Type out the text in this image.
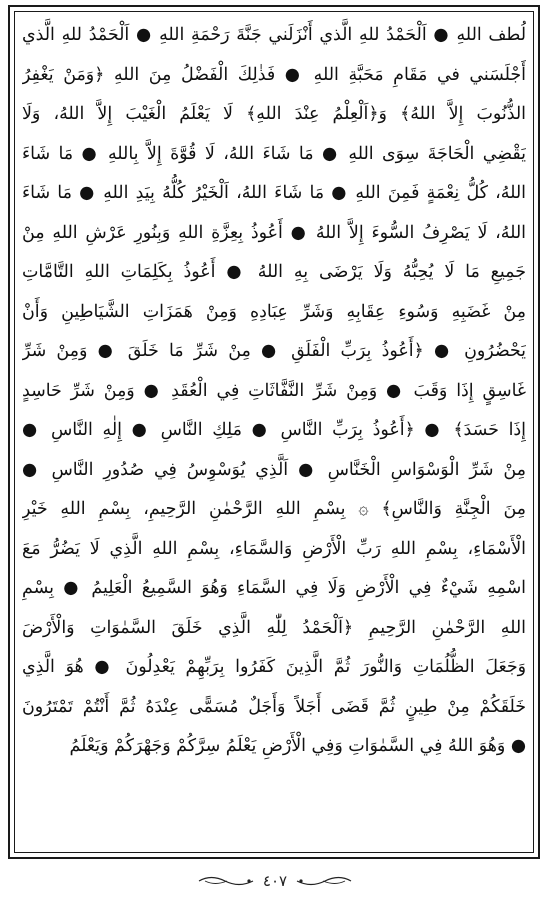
لُطف اللهِ ● اَلْحَمْدُ للهِ الَّذي أَنْزَلَني جَنَّةَ رَحْمَةِ اللهِ ● اَلْحَمْدُ للهِ الَّذي
أَجْلَسَني في مَقَامِ مَحَبَّةِ اللهِ ● فَذٰلِكَ الْفَضْلُ مِنَ اللهِ ﴿وَمَنْ يَغْفِرُ
الذُّنُوبَ إِلاَّ اللهُ﴾ وَ﴿اَلْعِلْمُ عِنْدَ اللهِ﴾ لَا يَعْلَمُ الْغَيْبَ إِلاَّ اللهُ، وَلَا
يَقْضِي الْحَاجَةَ سِوَى اللهِ ● مَا شَاءَ اللهُ، لَا قُوَّةَ إِلاَّ بِاللهِ ● مَا شَاءَ
اللهُ، كُلُّ نِعْمَةٍ فَمِنَ اللهِ ● مَا شَاءَ اللهُ، اَلْخَيْرُ كُلُّهُ بِيَدِ اللهِ ● مَا شَاءَ
اللهُ، لَا يَصْرِفُ السُّوءَ إِلاَّ اللهُ ● أَعُوذُ بِعِزَّةِ اللهِ وَبِنُورِ عَرْشِ اللهِ مِنْ
جَمِيعِ مَا لَا يُحِبُّهُ وَلَا يَرْضَى بِهِ اللهُ ● أَعُوذُ بِكَلِمَاتِ اللهِ التَّامَّاتِ
مِنْ غَضَبِهِ وَسُوءِ عِقَابِهِ وَشَرِّ عِبَادِهِ وَمِنْ هَمَزَاتِ الشَّيَاطِينِ وَأَنْ
يَحْضُرُونِ ● ﴿أَعُوذُ بِرَبِّ الْفَلَقِ ● مِنْ شَرِّ مَا خَلَقَ ● وَمِنْ شَرِّ
غَاسِقٍ إِذَا وَقَبَ ● وَمِنْ شَرِّ النَّفَّاثَاتِ فِي الْعُقَدِ ● وَمِنْ شَرِّ حَاسِدٍ
إِذَا حَسَدَ﴾ ● ﴿أَعُوذُ بِرَبِّ النَّاسِ ● مَلِكِ النَّاسِ ● إِلٰهِ النَّاسِ ●
مِنْ شَرِّ الْوَسْوَاسِ الْخَنَّاسِ ● اَلَّذِي يُوَسْوِسُ فِي صُدُورِ النَّاسِ ●
مِنَ الْجِنَّةِ وَالنَّاسِ﴾ ۞ بِسْمِ اللهِ الرَّحْمٰنِ الرَّحِيمِ، بِسْمِ اللهِ خَيْرِ
الْأَسْمَاءِ، بِسْمِ اللهِ رَبِّ الْأَرْضِ وَالسَّمَاءِ، بِسْمِ اللهِ الَّذِي لَا يَضُرُّ مَعَ
اسْمِهِ شَيْءٌ فِي الْأَرْضِ وَلَا فِي السَّمَاءِ وَهُوَ السَّمِيعُ الْعَلِيمُ ● بِسْمِ
اللهِ الرَّحْمٰنِ الرَّحِيمِ ﴿اَلْحَمْدُ لِلّٰهِ الَّذِي خَلَقَ السَّمٰوَاتِ وَالْأَرْضَ
وَجَعَلَ الظُّلُمَاتِ وَالنُّورَ ثُمَّ الَّذِينَ كَفَرُوا بِرَبِّهِمْ يَعْدِلُونَ ● هُوَ الَّذِي
خَلَقَكُمْ مِنْ طِينٍ ثُمَّ قَضَى أَجَلاً وَأَجَلٌ مُسَمًّى عِنْدَهُ ثُمَّ أَنْتُمْ تَمْتَرُونَ
● وَهُوَ اللهُ فِي السَّمٰوَاتِ وَفِي الْأَرْضِ يَعْلَمُ سِرَّكُمْ وَجَهْرَكُمْ وَيَعْلَمُ
٤٠٧
